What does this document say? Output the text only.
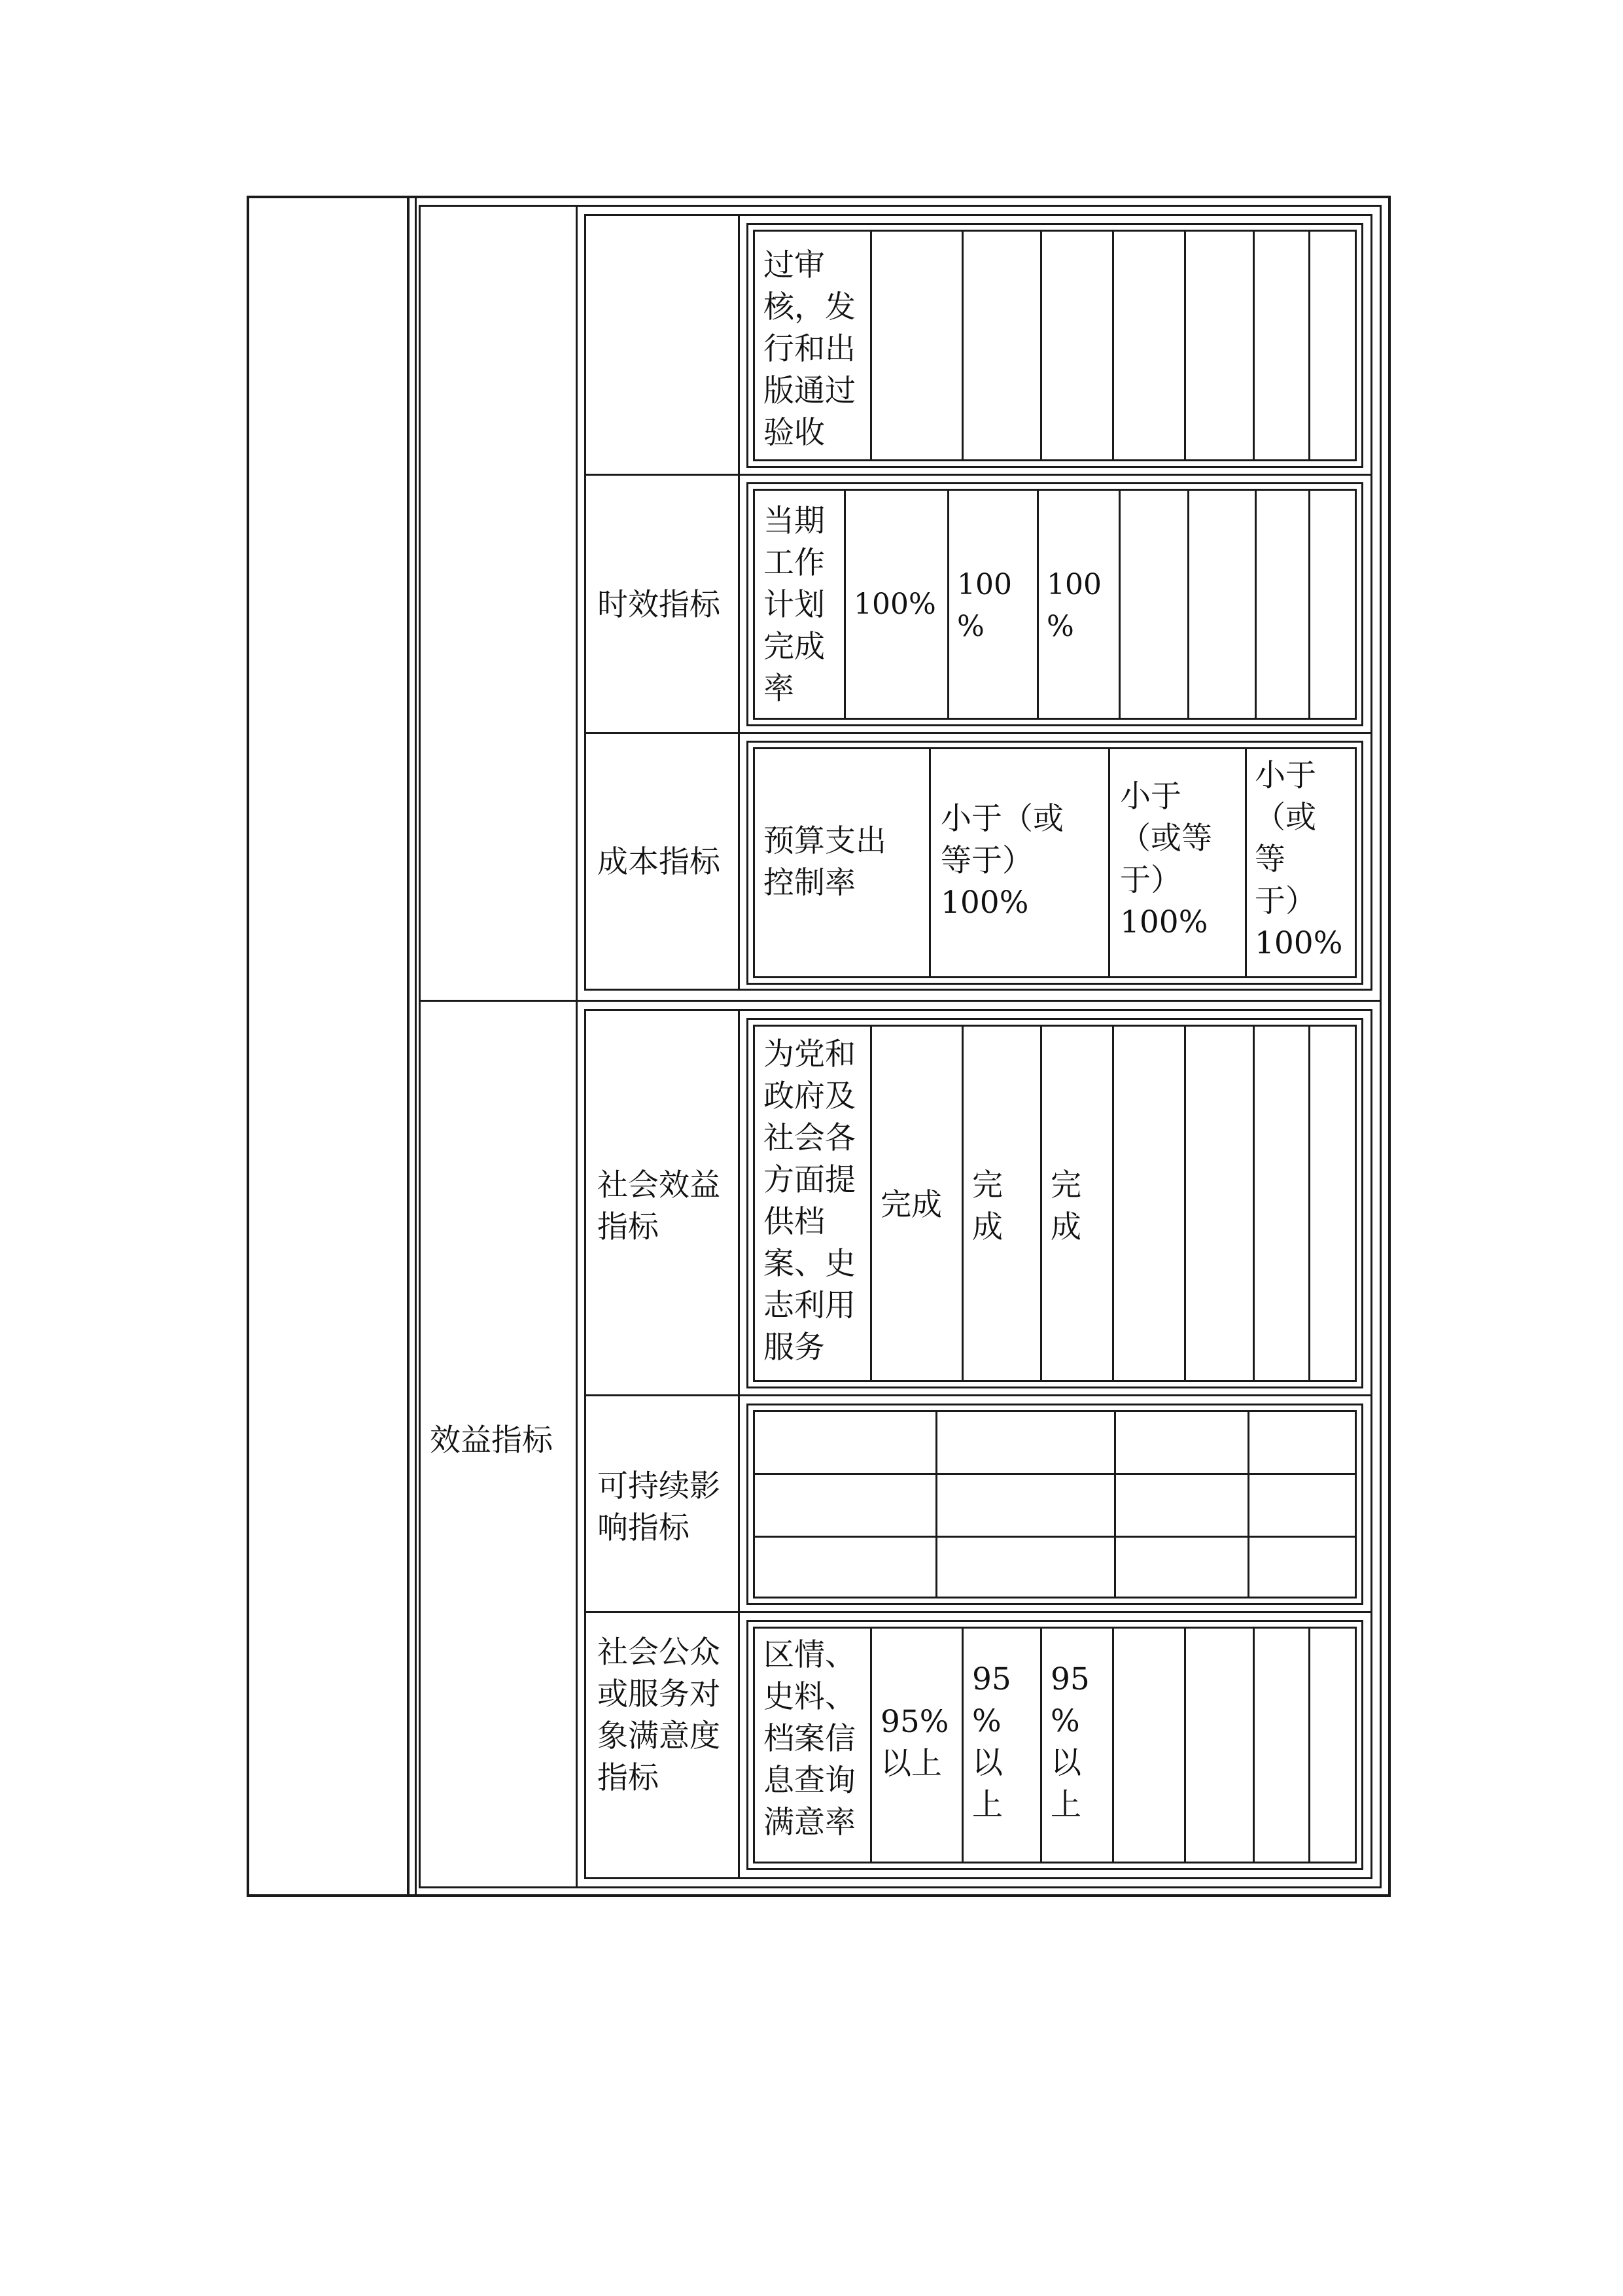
效益指标
时效指标
成本指标
社会效益
指标
可持续影
响指标
社会公众
或服务对
象满意度
指标
过审
核，发
行和出
版通过
验收
当期
工作
计划
完成
率
100%
100
%
100
%
预算支出
控制率
小于（或
等于）
100%
小于
（或等
于）
100%
小于
（或
等
于）
100%
为党和
政府及
社会各
方面提
供档
案、史
志利用
服务
完成
完
成
完
成
区情、
史料、
档案信
息查询
满意率
95%
以上
95
%
以
上
95
%
以
上
